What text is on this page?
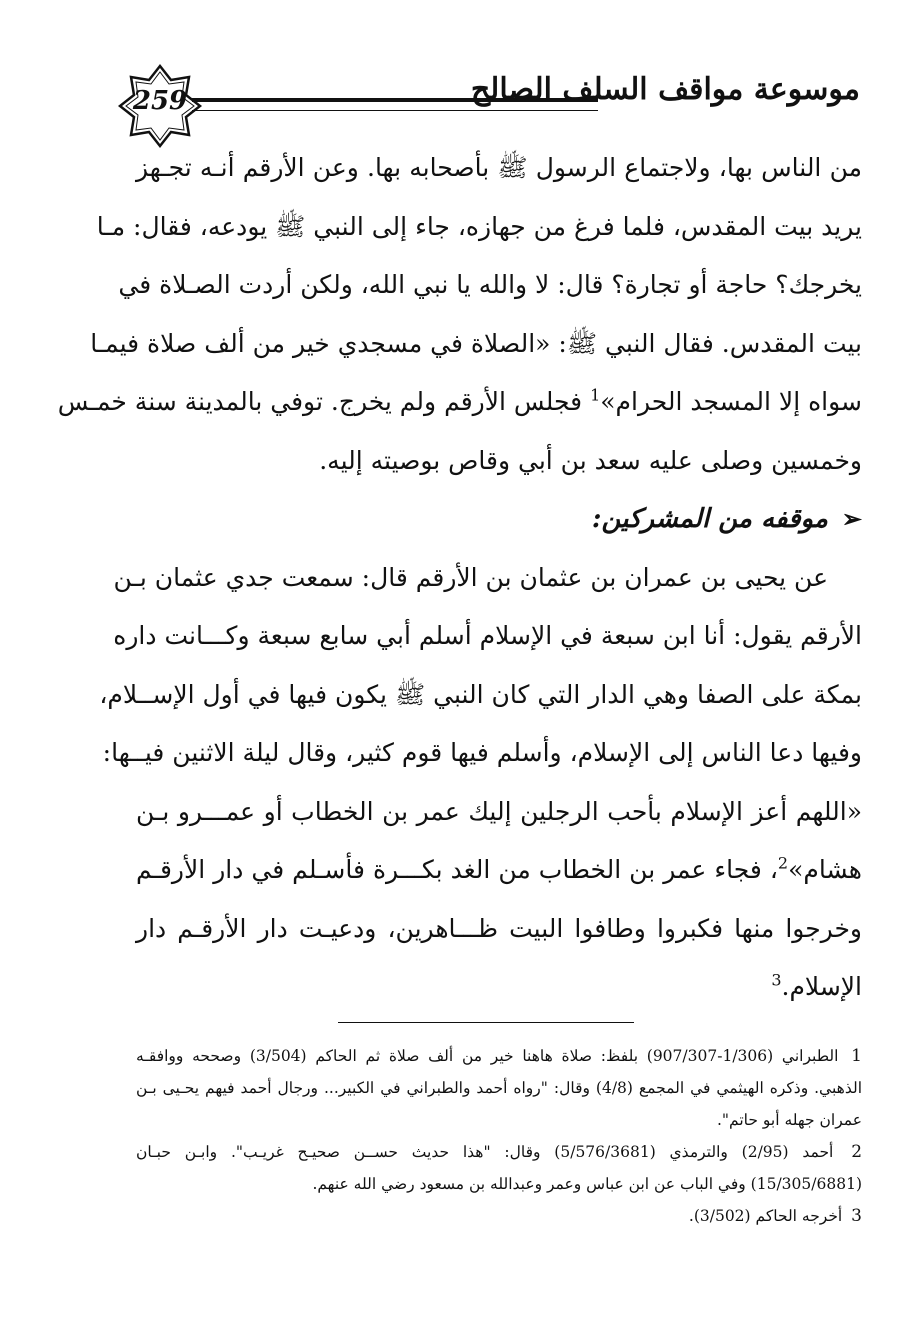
259	موسوعة مواقف السلف الصالح
من الناس بها، ولاجتماع الرسول ﷺ بأصحابه بها. وعن الأرقم أنـه تجـهز
يريد بيت المقدس، فلما فرغ من جهازه، جاء إلى النبي ﷺ يودعه، فقال: مـا
يخرجك؟ حاجة أو تجارة؟ قال: لا والله يا نبي الله، ولكن أردت الصـلاة في
بيت المقدس. فقال النبي ﷺ: «الصلاة في مسجدي خير من ألف صلاة فيمـا
سواه إلا المسجد الحرام»$^1$ فجلس الأرقم ولم يخرج. توفي بالمدينة سنة خمـس
وخمسين وصلى عليه سعد بن أبي وقاص بوصيته إليه.
➢موقفه من المشركين:
عن يحيى بن عمران بن عثمان بن الأرقم قال: سمعت جدي عثمان بـن
الأرقم يقول: أنا ابن سبعة في الإسلام أسلم أبي سابع سبعة وكـــانت داره
بمكة على الصفا وهي الدار التي كان النبي ﷺ يكون فيها في أول الإســلام،
وفيها دعا الناس إلى الإسلام، وأسلم فيها قوم كثير، وقال ليلة الاثنين فيــها:
«اللهم أعز الإسلام بأحب الرجلين إليك عمر بن الخطاب أو عمـــرو بـن
هشام»$^2$، فجاء عمر بن الخطاب من الغد بكـــرة فأسـلم في دار الأرقـم
وخرجوا منها فكبروا وطافوا البيت ظـــاهرين، ودعيـت دار الأرقـم دار
الإسلام.$^3$
1 الطبراني (1/306-907/307) بلفظ: صلاة هاهنا خير من ألف صلاة ثم الحاكم (3/504) وصححه ووافقـه
الذهبي. وذكره الهيثمي في المجمع (4/8) وقال: "رواه أحمد والطبراني في الكبير... ورجال أحمد فيهم يحـيى بـن
عمران جهله أبو حاتم".
2 أحمد (2/95) والترمذي (5/576/3681) وقال: "هذا حديث حســن صحيـح غريـب". وابـن حبـان
(15/305/6881) وفي الباب عن ابن عباس وعمر وعبدالله بن مسعود رضي الله عنهم.
3 أخرجه الحاكم (3/502).
